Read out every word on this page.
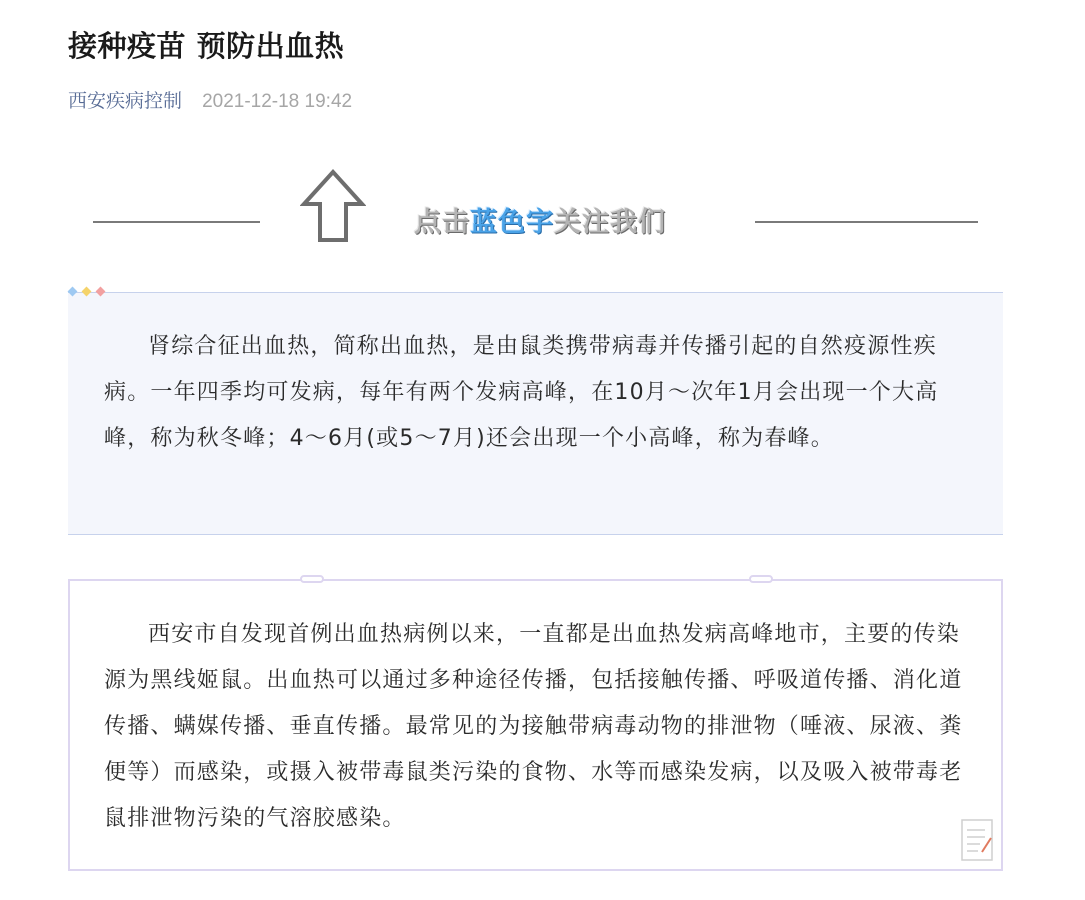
接种疫苗 预防出血热
西安疾病控制 2021-12-18 19:42
点击蓝色字关注我们

肾综合征出血热，简称出血热，是由鼠类携带病毒并传播引起的自然疫源性疾病。一年四季均可发病，每年有两个发病高峰，在10月～次年1月会出现一个大高峰，称为秋冬峰；4～6月(或5～7月)还会出现一个小高峰，称为春峰。

西安市自发现首例出血热病例以来，一直都是出血热发病高峰地市，主要的传染源为黑线姬鼠。出血热可以通过多种途径传播，包括接触传播、呼吸道传播、消化道传播、螨媒传播、垂直传播。最常见的为接触带病毒动物的排泄物（唾液、尿液、粪便等）而感染，或摄入被带毒鼠类污染的食物、水等而感染发病，以及吸入被带毒老鼠排泄物污染的气溶胶感染。
